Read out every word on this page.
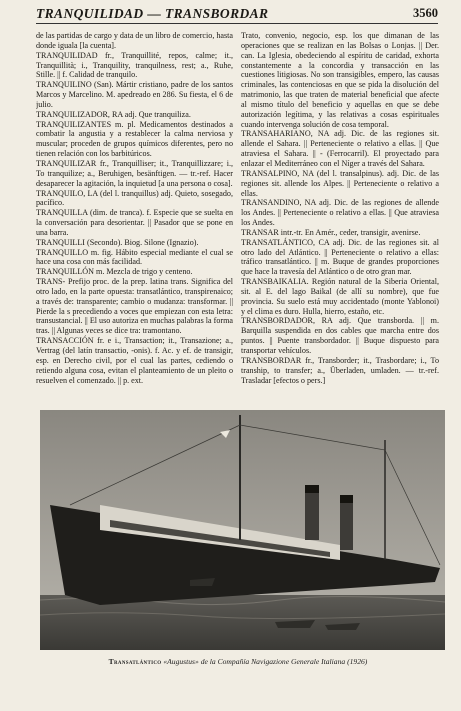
TRANQUILIDAD — TRANSBORDAR	3560

de las partidas de cargo y data de un libro de comercio, hasta donde iguala [la cuenta].

TRANQUILIDAD fr., Tranquillité, repos, calme; it., Tranquillità; i., Tranquility, tranquilness, rest; a., Ruhe, Stille. || f. Calidad de tranquilo.

TRANQUILINO (San). Mártir cristiano, padre de los santos Marcos y Marcelino. M. apedreado en 286. Su fiesta, el 6 de julio.

TRANQUILIZADOR, RA adj. Que tranquiliza.

TRANQUILIZANTES m. pl. Medicamentos destinados a combatir la angustia y a restablecer la calma nerviosa y muscular; proceden de grupos químicos diferentes, pero no tienen relación con los barbitúricos.

TRANQUILIZAR fr., Tranquilliser; it., Tranquillizzare; i., To tranquilize; a., Beruhigen, besänftigen. — tr.-ref. Hacer desaparecer la agitación, la inquietud [a una persona o cosa].

TRANQUILO, LA (del l. tranquillus) adj. Quieto, sosegado, pacífico.

TRANQUILLA (dim. de tranca). f. Especie que se suelta en la conversación para desorientar. || Pasador que se pone en una barra.

TRANQUILLI (Secondo). Biog. Silone (Ignazio).

TRANQUILLO m. fig. Hábito especial mediante el cual se hace una cosa con más facilidad.

TRANQUILLÓN m. Mezcla de trigo y centeno.

TRANS- Prefijo proc. de la prep. latina trans. Significa del otro lado, en la parte opuesta: transatlántico, transpirenaico; a través de: transparente; cambio o mudanza: transformar. || Pierde la s precediendo a voces que empiezan con esta letra: transustancial. || El uso autoriza en muchas palabras la forma tras. || Algunas veces se dice tra: tramontano.

TRANSACCIÓN fr. e i., Transaction; it., Transazione; a., Vertrag (del latín transactio, -onis). f. Ac. y ef. de transigir, esp. en Derecho civil, por el cual las partes, cediendo o retiendo alguna cosa, evitan el planteamiento de un pleito o resuelven el comenzado. || p. ext.

Trato, convenio, negocio, esp. los que dimanan de las operaciones que se realizan en las Bolsas o Lonjas. || Der. can. La Iglesia, obedeciendo al espíritu de caridad, exhorta constantemente a la concordia y transacción en las cuestiones litigiosas. No son transigibles, empero, las causas criminales, las contenciosas en que se pida la disolución del matrimonio, las que traten de material beneficial que afecte al mismo título del beneficio y aquellas en que se debe autorización legítima, y las relativas a cosas espirituales cuando intervenga solución de cosa temporal.

TRANSAHARIANO, NA adj. Dic. de las regiones sit. allende el Sahara. || Perteneciente o relativo a ellas. || Que atraviesa el Sahara. || - (Ferrocarril). El proyectado para enlazar el Mediterráneo con el Níger a través del Sahara.

TRANSALPINO, NA (del l. transalpinus). adj. Dic. de las regiones sit. allende los Alpes. || Perteneciente o relativo a ellas.

TRANSANDINO, NA adj. Dic. de las regiones de allende los Andes. || Perteneciente o relativo a ellas. || Que atraviesa los Andes.

TRANSAR intr.-tr. En Amér., ceder, transigir, avenirse.

TRANSATLÁNTICO, CA adj. Dic. de las regiones sit. al otro lado del Atlántico. || Perteneciente o relativo a ellas: tráfico transatlántico. || m. Buque de grandes proporciones que hace la travesía del Atlántico o de otro gran mar.

TRANSBAIKALIA. Región natural de la Siberia Oriental, sit. al E. del lago Baikal (de allí su nombre), que fue provincia. Su suelo está muy accidentado (monte Yablonoi) y el clima es duro. Hulla, hierro, estaño, etc.

TRANSBORDADOR, RA adj. Que transborda. || m. Barquilla suspendida en dos cables que marcha entre dos puntos. || Puente transbordador. || Buque dispuesto para transportar vehículos.

TRANSBORDAR fr., Transborder; it., Trasbordare; i., To tranship, to transfer; a., Überladen, umladen. — tr.-ref. Trasladar [efectos o pers.]

Transatlántico «Augustus» de la Compañía Navigazione Generale Italiana (1926)
